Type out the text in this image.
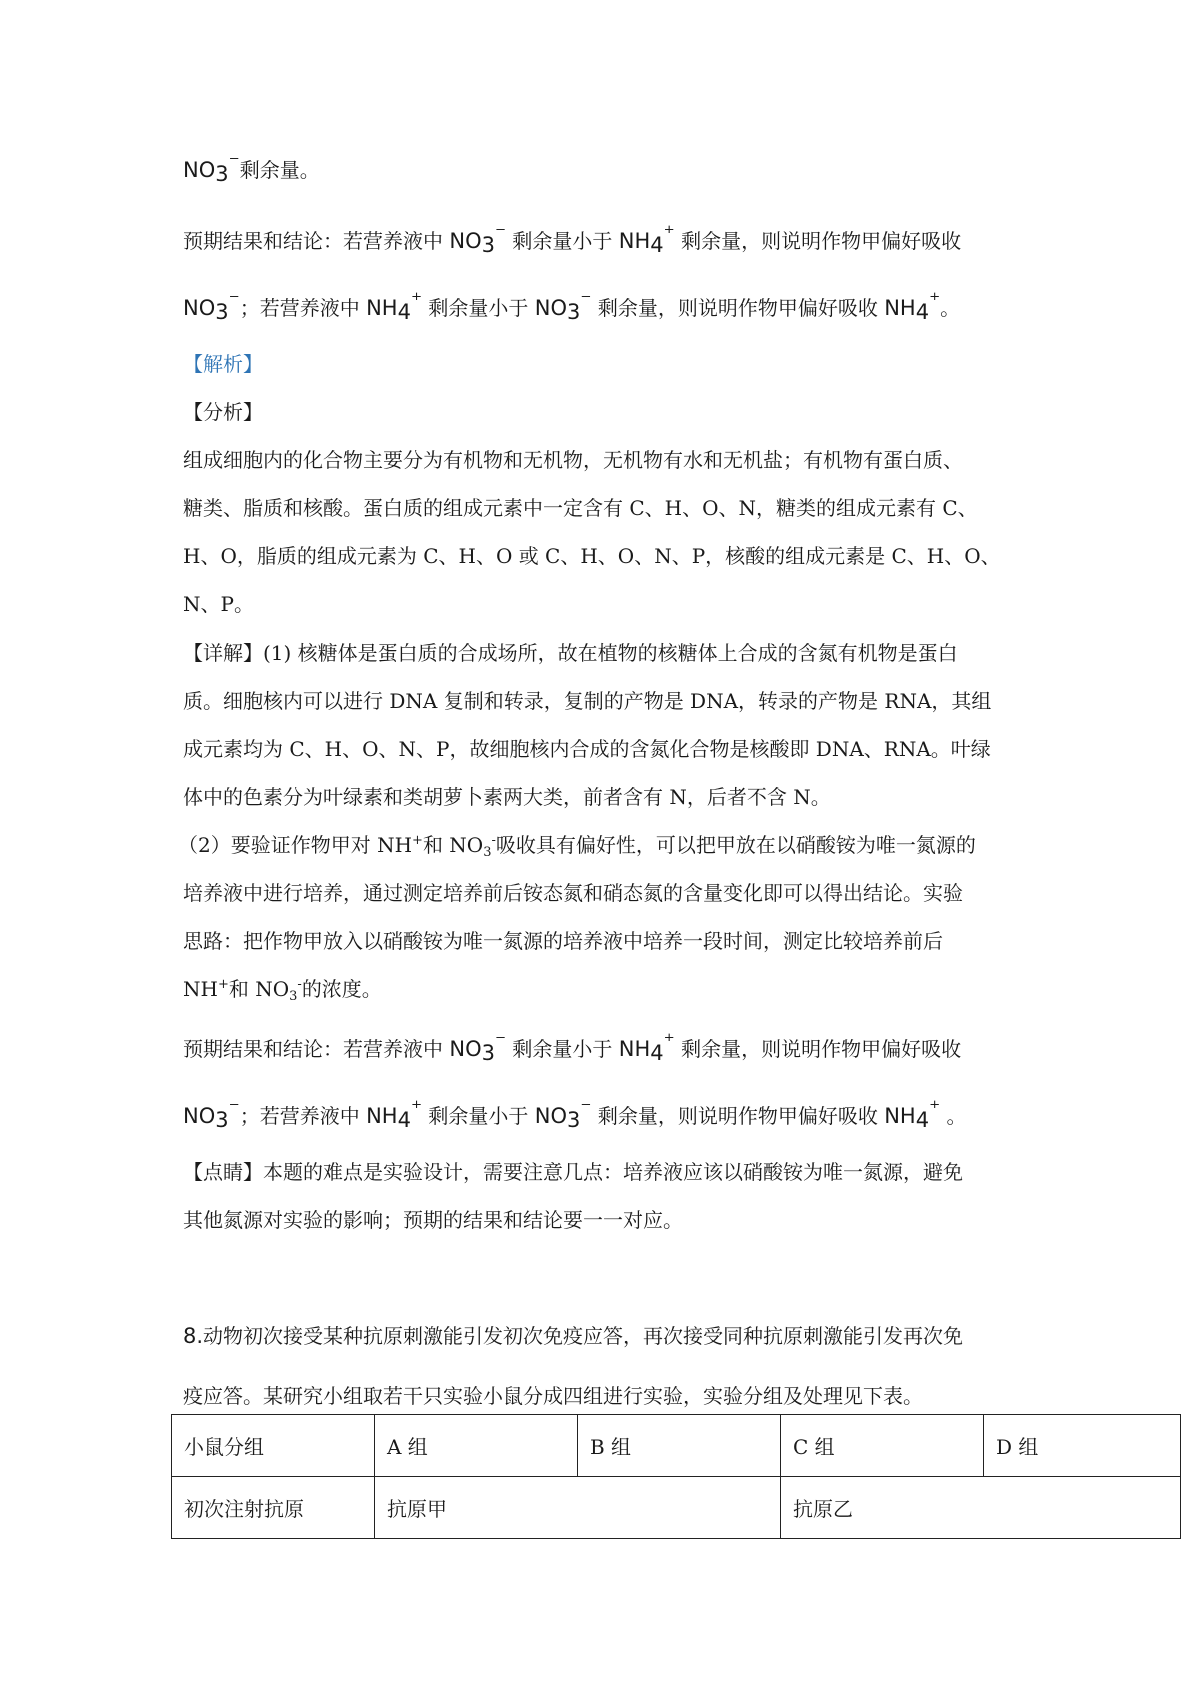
$NO_3^{^-}$剩余量。
预期结果和结论：若营养液中 $NO_3^{^-}$ 剩余量小于 $NH_4^{^+}$ 剩余量，则说明作物甲偏好吸收
$NO_3^{^-}$；若营养液中 $NH_4^{^+}$ 剩余量小于 $NO_3^{^-}$ 剩余量，则说明作物甲偏好吸收 $NH_4^{^+}$。
【解析】
【分析】
组成细胞内的化合物主要分为有机物和无机物，无机物有水和无机盐；有机物有蛋白质、
糖类、脂质和核酸。蛋白质的组成元素中一定含有 C、H、O、N，糖类的组成元素有 C、
H、O，脂质的组成元素为 C、H、O 或 C、H、O、N、P，核酸的组成元素是 C、H、O、
N、P。
【详解】(1) 核糖体是蛋白质的合成场所，故在植物的核糖体上合成的含氮有机物是蛋白
质。细胞核内可以进行 DNA 复制和转录，复制的产物是 DNA，转录的产物是 RNA，其组
成元素均为 C、H、O、N、P，故细胞核内合成的含氮化合物是核酸即 DNA、RNA。叶绿
体中的色素分为叶绿素和类胡萝卜素两大类，前者含有 N，后者不含 N。
（2）要验证作物甲对 NH+和 $NO_3^-$吸收具有偏好性，可以把甲放在以硝酸铵为唯一氮源的
培养液中进行培养，通过测定培养前后铵态氮和硝态氮的含量变化即可以得出结论。实验
思路：把作物甲放入以硝酸铵为唯一氮源的培养液中培养一段时间，测定比较培养前后
NH+和 $NO_3^-$的浓度。
预期结果和结论：若营养液中 $NO_3^{^-}$ 剩余量小于 $NH_4^{^+}$ 剩余量，则说明作物甲偏好吸收
$NO_3^{^-}$；若营养液中 $NH_4^{^+}$ 剩余量小于 $NO_3^{^-}$ 剩余量，则说明作物甲偏好吸收 $NH_4^{^+}$ 。
【点睛】本题的难点是实验设计，需要注意几点：培养液应该以硝酸铵为唯一氮源，避免
其他氮源对实验的影响；预期的结果和结论要一一对应。
8.动物初次接受某种抗原刺激能引发初次免疫应答，再次接受同种抗原刺激能引发再次免
疫应答。某研究小组取若干只实验小鼠分成四组进行实验，实验分组及处理见下表。
小鼠分组	A 组	B 组	C 组	D 组
初次注射抗原	抗原甲		抗原乙	
